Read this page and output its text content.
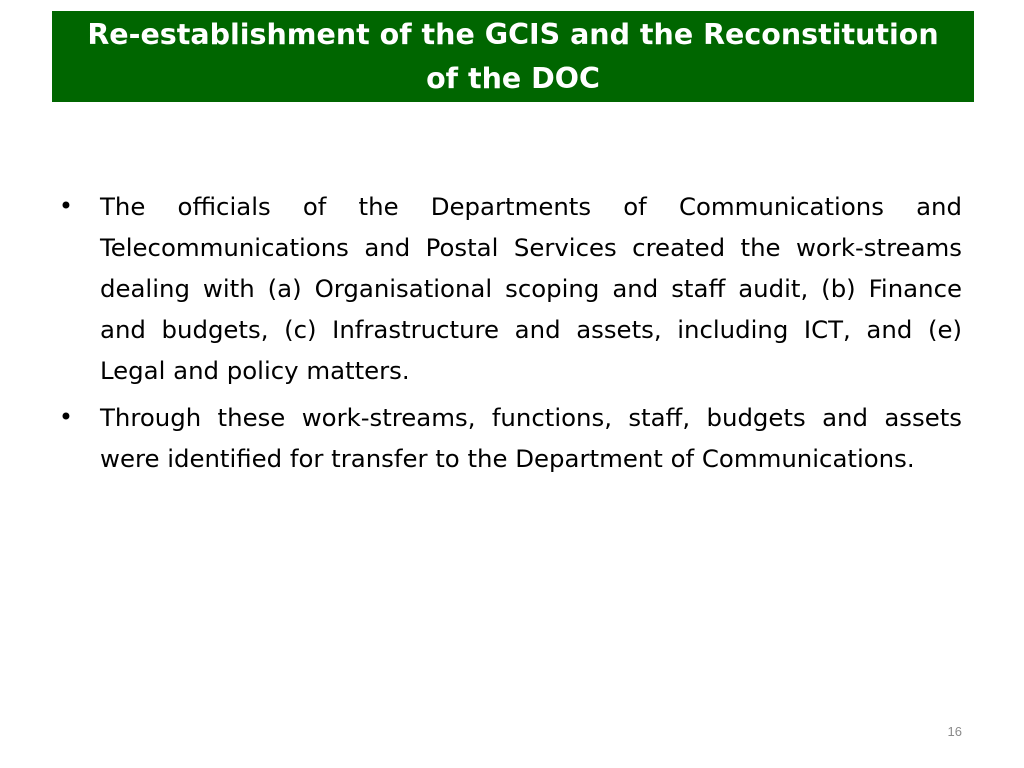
Re-establishment of the GCIS and the Reconstitution of the DOC
• The officials of the Departments of Communications and Telecommunications and Postal Services created the work-streams dealing with (a) Organisational scoping and staff audit, (b) Finance and budgets, (c) Infrastructure and assets, including ICT, and (e) Legal and policy matters.
• Through these work-streams, functions, staff, budgets and assets were identified for transfer to the Department of Communications.
16
